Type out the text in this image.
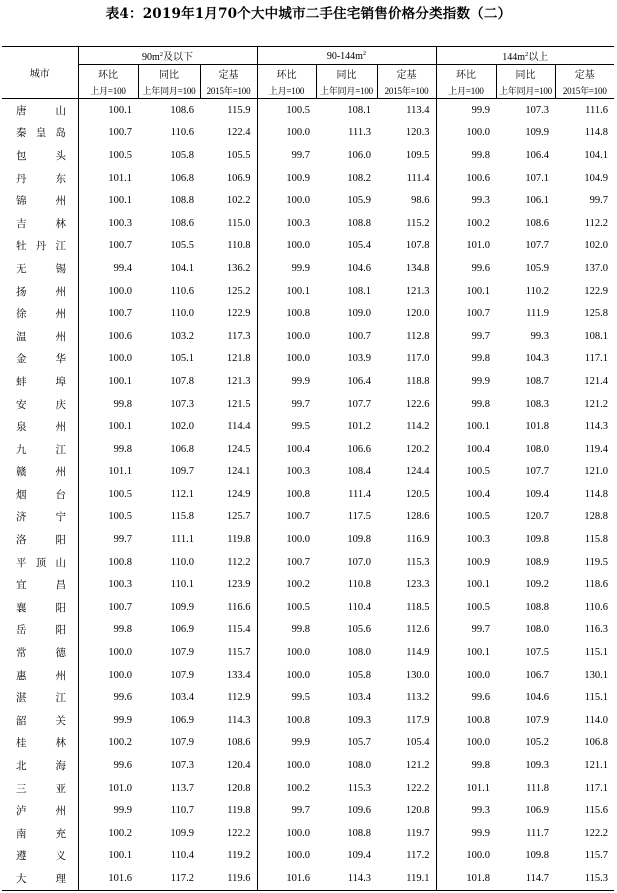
表4：2019年1月70个大中城市二手住宅销售价格分类指数（二）
城市	$90m^2$及以下			$90-144m^2$			$144m^2$以上		
	环比	同比	定基	环比	同比	定基	环比	同比	定基
	上月=100	上年同月=100	2015年=100	上月=100	上年同月=100	2015年=100	上月=100	上年同月=100	2015年=100
唐山	100.1	108.6	115.9	100.5	108.1	113.4	99.9	107.3	111.6
秦皇岛	100.7	110.6	122.4	100.0	111.3	120.3	100.0	109.9	114.8
包头	100.5	105.8	105.5	99.7	106.0	109.5	99.8	106.4	104.1
丹东	101.1	106.8	106.9	100.9	108.2	111.4	100.6	107.1	104.9
锦州	100.1	108.8	102.2	100.0	105.9	98.6	99.3	106.1	99.7
吉林	100.3	108.6	115.0	100.3	108.8	115.2	100.2	108.6	112.2
牡丹江	100.7	105.5	110.8	100.0	105.4	107.8	101.0	107.7	102.0
无锡	99.4	104.1	136.2	99.9	104.6	134.8	99.6	105.9	137.0
扬州	100.0	110.6	125.2	100.1	108.1	121.3	100.1	110.2	122.9
徐州	100.7	110.0	122.9	100.8	109.0	120.0	100.7	111.9	125.8
温州	100.6	103.2	117.3	100.0	100.7	112.8	99.7	99.3	108.1
金华	100.0	105.1	121.8	100.0	103.9	117.0	99.8	104.3	117.1
蚌埠	100.1	107.8	121.3	99.9	106.4	118.8	99.9	108.7	121.4
安庆	99.8	107.3	121.5	99.7	107.7	122.6	99.8	108.3	121.2
泉州	100.1	102.0	114.4	99.5	101.2	114.2	100.1	101.8	114.3
九江	99.8	106.8	124.5	100.4	106.6	120.2	100.4	108.0	119.4
赣州	101.1	109.7	124.1	100.3	108.4	124.4	100.5	107.7	121.0
烟台	100.5	112.1	124.9	100.8	111.4	120.5	100.4	109.4	114.8
济宁	100.5	115.8	125.7	100.7	117.5	128.6	100.5	120.7	128.8
洛阳	99.7	111.1	119.8	100.0	109.8	116.9	100.3	109.8	115.8
平顶山	100.8	110.0	112.2	100.7	107.0	115.3	100.9	108.9	119.5
宜昌	100.3	110.1	123.9	100.2	110.8	123.3	100.1	109.2	118.6
襄阳	100.7	109.9	116.6	100.5	110.4	118.5	100.5	108.8	110.6
岳阳	99.8	106.9	115.4	99.8	105.6	112.6	99.7	108.0	116.3
常德	100.0	107.9	115.7	100.0	108.0	114.9	100.1	107.5	115.1
惠州	100.0	107.9	133.4	100.0	105.8	130.0	100.0	106.7	130.1
湛江	99.6	103.4	112.9	99.5	103.4	113.2	99.6	104.6	115.1
韶关	99.9	106.9	114.3	100.8	109.3	117.9	100.8	107.9	114.0
桂林	100.2	107.9	108.6	99.9	105.7	105.4	100.0	105.2	106.8
北海	99.6	107.3	120.4	100.0	108.0	121.2	99.8	109.3	121.1
三亚	101.0	113.7	120.8	100.2	115.3	122.2	101.1	111.8	117.1
泸州	99.9	110.7	119.8	99.7	109.6	120.8	99.3	106.9	115.6
南充	100.2	109.9	122.2	100.0	108.8	119.7	99.9	111.7	122.2
遵义	100.1	110.4	119.2	100.0	109.4	117.2	100.0	109.8	115.7
大理	101.6	117.2	119.6	101.6	114.3	119.1	101.8	114.7	115.3
